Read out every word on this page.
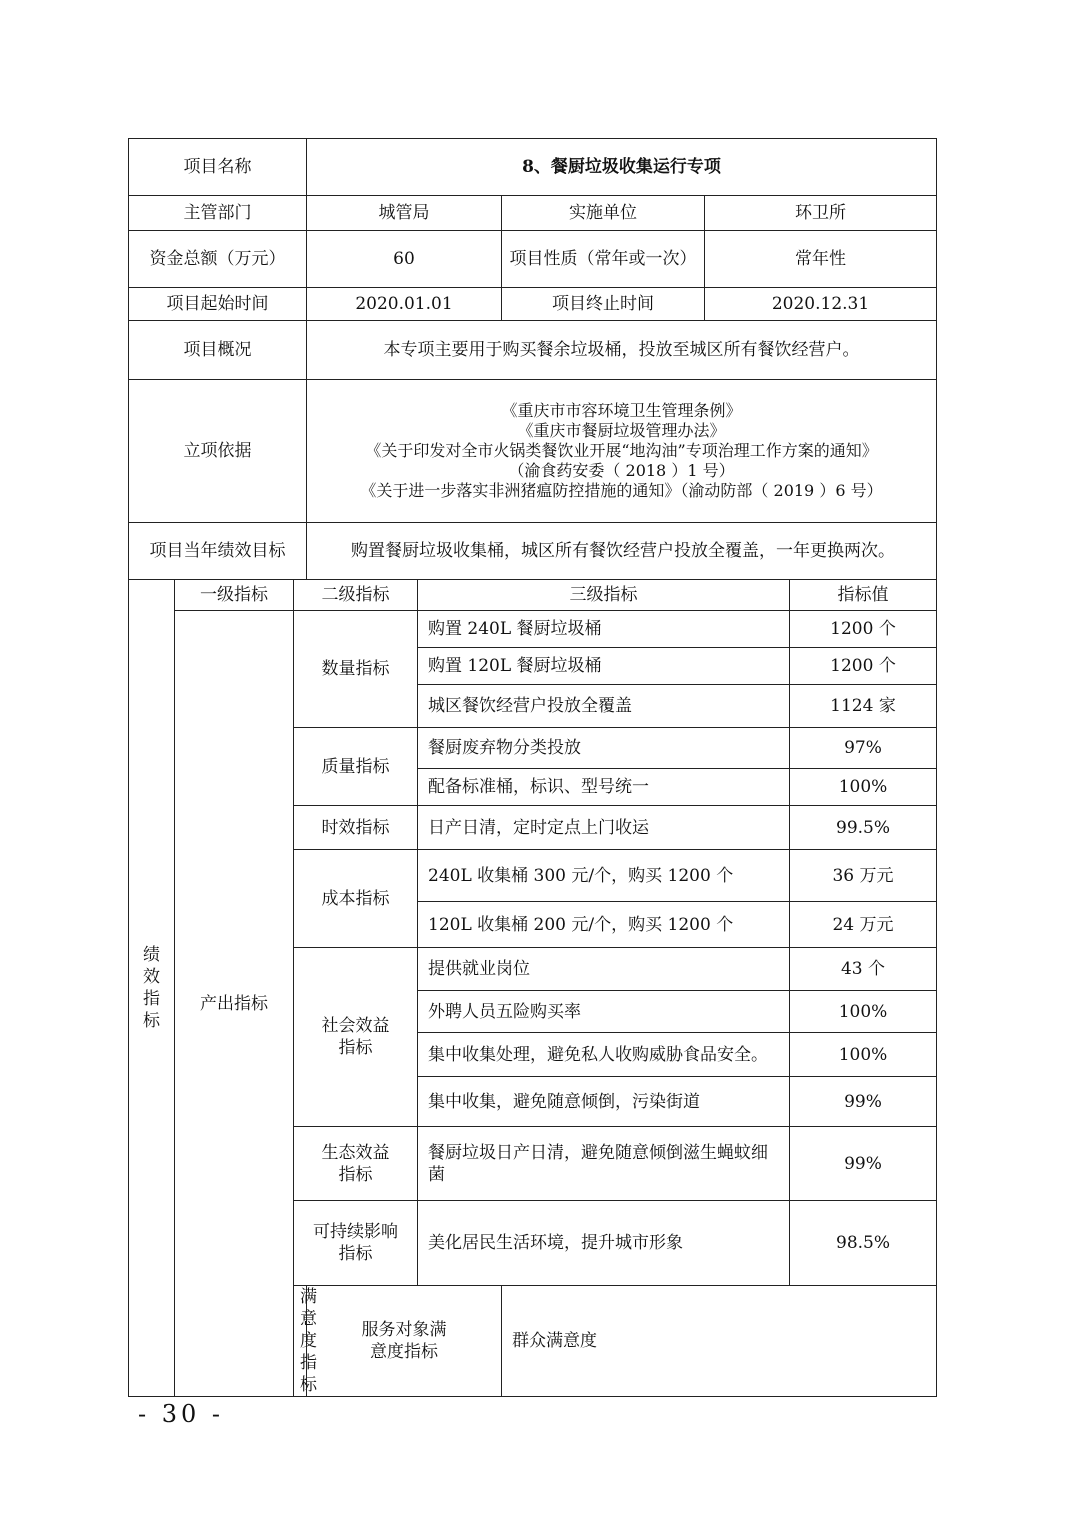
项目名称			8、餐厨垃圾收集运行专项					
主管部门			城管局		实施单位	环卫所		
资金总额（万元）			60		项目性质（常年或一次）	常年性		
项目起始时间			2020.01.01		项目终止时间	2020.12.31		
项目概况			本专项主要用于购买餐余垃圾桶，投放至城区所有餐饮经营户。					
立项依据			《重庆市市容环境卫生管理条例》
《重庆市餐厨垃圾管理办法》
《关于印发对全市火锅类餐饮业开展“地沟油”专项治理工作方案的通知》
（渝食药安委（ 2018 ）1 号）
《关于进一步落实非洲猪瘟防控措施的通知》（渝动防部（ 2019 ）6 号）					

项目当年绩效目标			　　购置餐厨垃圾收集桶，城区所有餐饮经营户投放全覆盖，一年更换两次。					

绩效指标	一级指标	二级指标		三级指标			指标值	
	产出指标	数量指标		购置 240L 餐厨垃圾桶			1200 个	
				购置 120L 餐厨垃圾桶			1200 个	
				城区餐饮经营户投放全覆盖			1124 家	
		质量指标		餐厨废弃物分类投放			97%	
				配备标准桶，标识、型号统一			100%	
		时效指标		日产日清，定时定点上门收运			99.5%	
		成本指标		240L 收集桶 300 元/个，购买 1200 个			36 万元	
				120L 收集桶 200 元/个，购买 1200 个			24 万元	

		社会效益指标		提供就业岗位			43 个	
				外聘人员五险购买率			100%	
				集中收集处理，避免私人收购威胁食品安全。			100%	
				集中收集，避免随意倾倒，污染街道			99%	

		生态效益指标		餐厨垃圾日产日清，避免随意倾倒滋生蝇蚊细菌			99%	

		可持续影响指标		美化居民生活环境，提升城市形象			98.5%	
		满意度指标	服务对象满意度指标		群众满意度	
- 30 -
